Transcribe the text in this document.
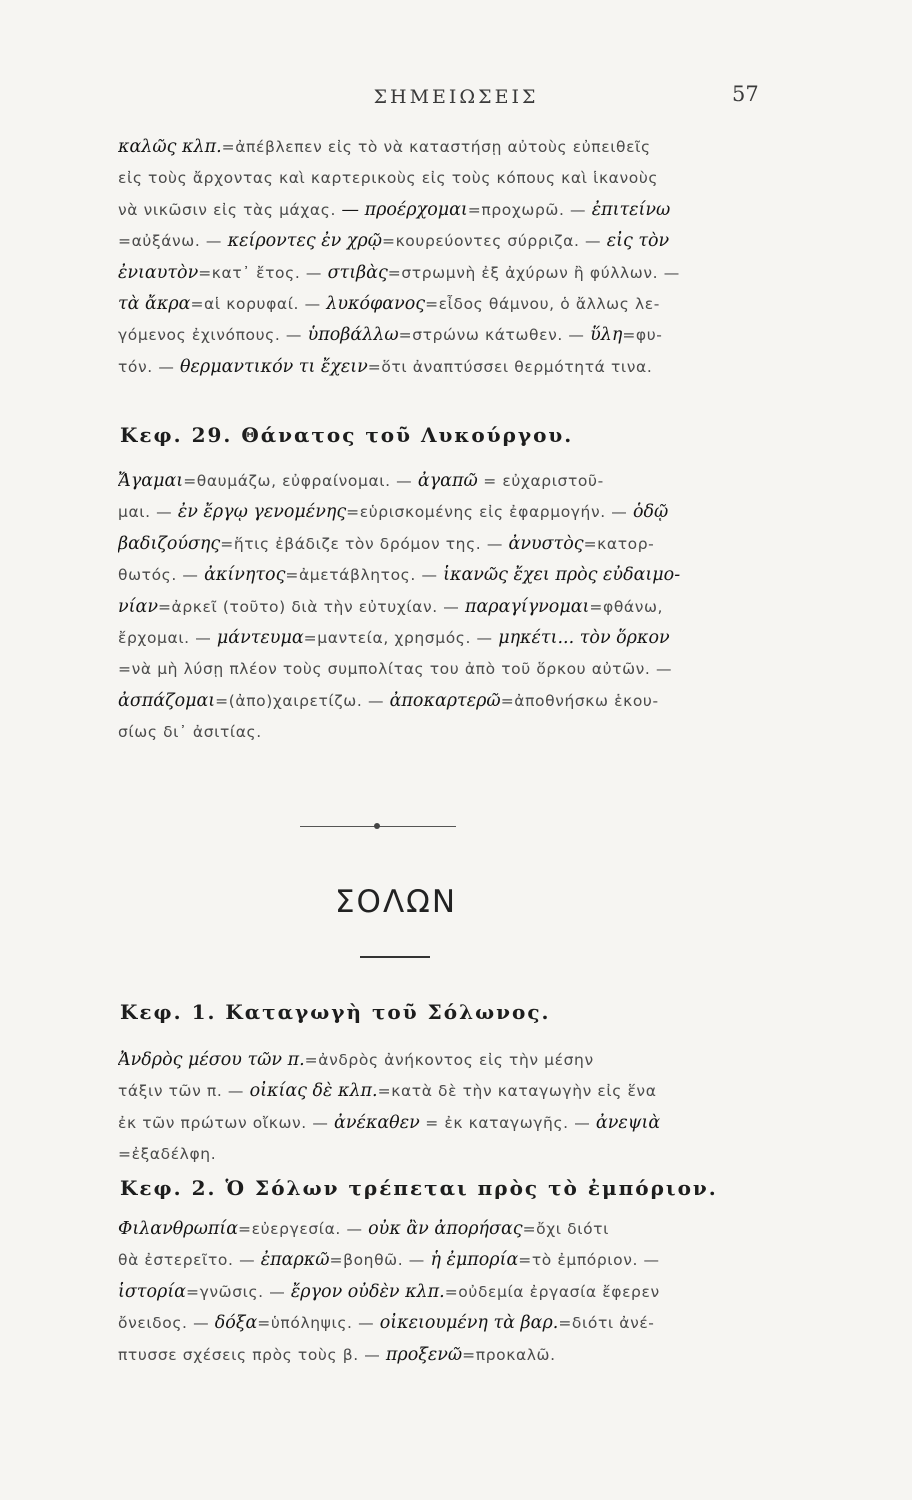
ΣΗΜΕΙΩΣΕΙΣ	57
καλῶς κλπ.=ἀπέβλεπεν εἰς τὸ νὰ καταστήσῃ αὐτοὺς εὐπειθεῖς
εἰς τοὺς ἄρχοντας καὶ καρτερικοὺς εἰς τοὺς κόπους καὶ ἱκανοὺς
νὰ νικῶσιν εἰς τὰς μάχας. — προέρχομαι=προχωρῶ. — ἐπιτείνω
=αὐξάνω. — κείροντες ἐν χρῷ=κουρεύοντες σύρριζα. — εἰς τὸν
ἐνιαυτὸν=κατ᾽ ἔτος. — στιβὰς=στρωμνὴ ἐξ ἀχύρων ἢ φύλλων. —
τὰ ἄκρα=αἱ κορυφαί. — λυκόφανος=εἶδος θάμνου, ὁ ἄλλως λε-
γόμενος ἐχινόπους. — ὑποβάλλω=στρώνω κάτωθεν. — ὕλη=φυ-
τόν. — θερμαντικόν τι ἔχειν=ὅτι ἀναπτύσσει θερμότητά τινα.
Κεφ. 29. Θάνατος τοῦ Λυκούργου.
Ἄγαμαι=θαυμάζω, εὐφραίνομαι. — ἀγαπῶ = εὐχαριστοῦ-
μαι. — ἐν ἔργῳ γενομένης=εὑρισκομένης εἰς ἐφαρμογήν. — ὁδῷ
βαδιζούσης=ἥτις ἐβάδιζε τὸν δρόμον της. — ἀνυστὸς=κατορ-
θωτός. — ἀκίνητος=ἀμετάβλητος. — ἱκανῶς ἔχει πρὸς εὐδαιμο-
νίαν=ἀρκεῖ (τοῦτο) διὰ τὴν εὐτυχίαν. — παραγίγνομαι=φθάνω,
ἔρχομαι. — μάντευμα=μαντεία, χρησμός. — μηκέτι... τὸν ὅρκον
=νὰ μὴ λύσῃ πλέον τοὺς συμπολίτας του ἀπὸ τοῦ ὅρκου αὐτῶν. —
ἀσπάζομαι=(ἀπο)χαιρετίζω. — ἀποκαρτερῶ=ἀποθνήσκω ἑκου-
σίως δι᾽ ἀσιτίας.
ΣΟΛΩΝ
Κεφ. 1. Καταγωγὴ τοῦ Σόλωνος.
Ἀνδρὸς μέσου τῶν π.=ἀνδρὸς ἀνήκοντος εἰς τὴν μέσην
τάξιν τῶν π. — οἰκίας δὲ κλπ.=κατὰ δὲ τὴν καταγωγὴν εἰς ἕνα
ἐκ τῶν πρώτων οἴκων. — ἀνέκαθεν = ἐκ καταγωγῆς. — ἀνεψιὰ
=ἐξαδέλφη.
Κεφ. 2. Ὁ Σόλων τρέπεται πρὸς τὸ ἐμπόριον.
Φιλανθρωπία=εὐεργεσία. — οὐκ ἂν ἀπορήσας=ὄχι διότι
θὰ ἐστερεῖτο. — ἐπαρκῶ=βοηθῶ. — ἡ ἐμπορία=τὸ ἐμπόριον. —
ἱστορία=γνῶσις. — ἔργον οὐδὲν κλπ.=οὐδεμία ἐργασία ἔφερεν
ὄνειδος. — δόξα=ὑπόληψις. — οἰκειουμένη τὰ βαρ.=διότι ἀνέ-
πτυσσε σχέσεις πρὸς τοὺς β. — προξενῶ=προκαλῶ.
